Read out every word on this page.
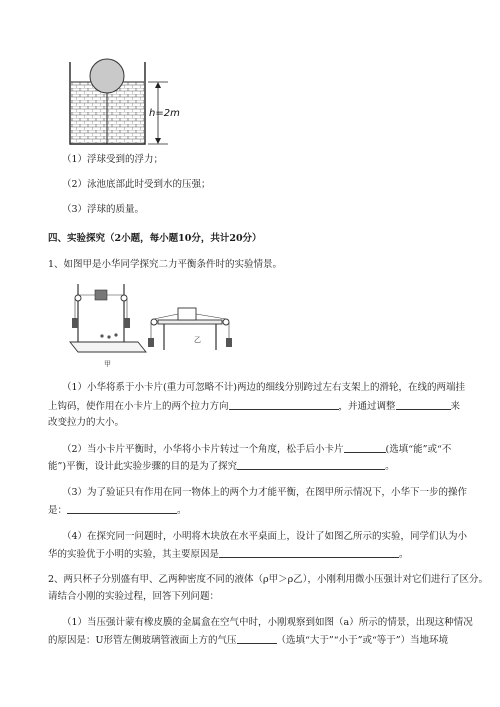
h=2m
（1）浮球受到的浮力；
（2）泳池底部此时受到水的压强；
（3）浮球的质量。
四、实验探究（2小题，每小题10分，共计20分）
1、如图甲是小华同学探究二力平衡条件时的实验情景。
甲
乙
（1）小华将系于小卡片(重力可忽略不计)两边的细线分别跨过左右支架上的滑轮，在线的两端挂
上钩码，使作用在小卡片上的两个拉力方向	，并通过调整	来
改变拉力的大小。
（2）当小卡片平衡时，小华将小卡片转过一个角度，松手后小卡片	(选填“能”或“不
能”)平衡，设计此实验步骤的目的是为了探究	。
（3）为了验证只有作用在同一物体上的两个力才能平衡，在图甲所示情况下，小华下一步的操作
是：	。
（4）在探究同一问题时，小明将木块放在水平桌面上，设计了如图乙所示的实验，同学们认为小
华的实验优于小明的实验，其主要原因是	。
2、两只杯子分别盛有甲、乙两种密度不同的液体（ρ甲＞ρ乙），小刚利用微小压强计对它们进行了区分。
请结合小刚的实验过程，回答下列问题：
（1）当压强计蒙有橡皮膜的金属盒在空气中时，小刚观察到如图（a）所示的情景，出现这种情况
的原因是：U形管左侧玻璃管液面上方的气压	（选填“大于”“小于”或“等于”）当地环境
